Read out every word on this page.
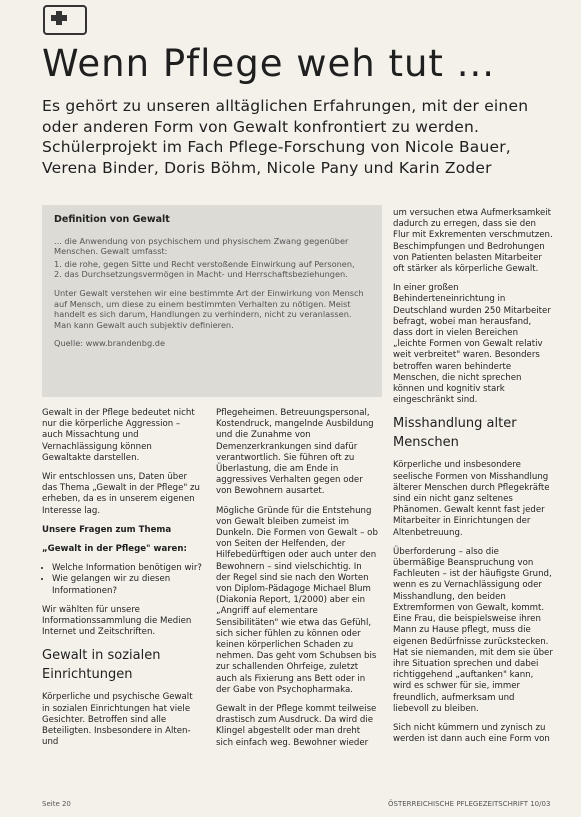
Wenn Pflege weh tut ...

Es gehört zu unseren alltäglichen Erfahrungen, mit der einen oder anderen Form von Gewalt konfrontiert zu werden. Schülerprojekt im Fach Pflege-Forschung von Nicole Bauer, Verena Binder, Doris Böhm, Nicole Pany und Karin Zoder

Definition von Gewalt

... die Anwendung von psychischem und physischem Zwang gegenüber Menschen. Gewalt umfasst:

1. die rohe, gegen Sitte und Recht verstoßende Einwirkung auf Personen,

2. das Durchsetzungsvermögen in Macht- und Herrschaftsbeziehungen.

Unter Gewalt verstehen wir eine bestimmte Art der Einwirkung von Mensch auf Mensch, um diese zu einem bestimmten Verhalten zu nötigen. Meist handelt es sich darum, Handlungen zu verhindern, nicht zu veranlassen. Man kann Gewalt auch subjektiv definieren.

Quelle: www.brandenbg.de

Gewalt in der Pflege bedeutet nicht nur die körperliche Aggression – auch Missachtung und Vernachlässigung können Gewaltakte darstellen.

Wir entschlossen uns, Daten über das Thema „Gewalt in der Pflege" zu erheben, da es in unserem eigenen Interesse lag.

Unsere Fragen zum Thema

„Gewalt in der Pflege" waren:

• Welche Information benötigen wir?
• Wie gelangen wir zu diesen Informationen?

Wir wählten für unsere Informationssammlung die Medien Internet und Zeitschriften.

Gewalt in sozialen Einrichtungen

Körperliche und psychische Gewalt in sozialen Einrichtungen hat viele Gesichter. Betroffen sind alle Beteiligten. Insbesondere in Alten- und

Pflegeheimen. Betreuungspersonal, Kostendruck, mangelnde Ausbildung und die Zunahme von Demenzerkrankungen sind dafür verantwortlich. Sie führen oft zu Überlastung, die am Ende in aggressives Verhalten gegen oder von Bewohnern ausartet.

Mögliche Gründe für die Entstehung von Gewalt bleiben zumeist im Dunkeln. Die Formen von Gewalt – ob von Seiten der Helfenden, der Hilfebedürftigen oder auch unter den Bewohnern – sind vielschichtig. In der Regel sind sie nach den Worten von Diplom-Pädagoge Michael Blum (Diakonia Report, 1/2000) aber ein „Angriff auf elementare Sensibilitäten" wie etwa das Gefühl, sich sicher fühlen zu können oder keinen körperlichen Schaden zu nehmen. Das geht vom Schubsen bis zur schallenden Ohrfeige, zuletzt auch als Fixierung ans Bett oder in der Gabe von Psychopharmaka.

Gewalt in der Pflege kommt teilweise drastisch zum Ausdruck. Da wird die Klingel abgestellt oder man dreht sich einfach weg. Bewohner wieder

um versuchen etwa Aufmerksamkeit dadurch zu erregen, dass sie den Flur mit Exkrementen verschmutzen. Beschimpfungen und Bedrohungen von Patienten belasten Mitarbeiter oft stärker als körperliche Gewalt.

In einer großen Behinderteneinrichtung in Deutschland wurden 250 Mitarbeiter befragt, wobei man herausfand, dass dort in vielen Bereichen „leichte Formen von Gewalt relativ weit verbreitet" waren. Besonders betroffen waren behinderte Menschen, die nicht sprechen können und kognitiv stark eingeschränkt sind.

Misshandlung alter Menschen

Körperliche und insbesondere seelische Formen von Misshandlung älterer Menschen durch Pflegekräfte sind ein nicht ganz seltenes Phänomen. Gewalt kennt fast jeder Mitarbeiter in Einrichtungen der Altenbetreuung.

Überforderung – also die übermäßige Beanspruchung von Fachleuten – ist der häufigste Grund, wenn es zu Vernachlässigung oder Misshandlung, den beiden Extremformen von Gewalt, kommt. Eine Frau, die beispielsweise ihren Mann zu Hause pflegt, muss die eigenen Bedürfnisse zurückstecken. Hat sie niemanden, mit dem sie über ihre Situation sprechen und dabei richtiggehend „auftanken" kann, wird es schwer für sie, immer freundlich, aufmerksam und liebevoll zu bleiben.

Sich nicht kümmern und zynisch zu werden ist dann auch eine Form von

Seite 20	ÖSTERREICHISCHE PFLEGEZEITSCHRIFT 10/03
